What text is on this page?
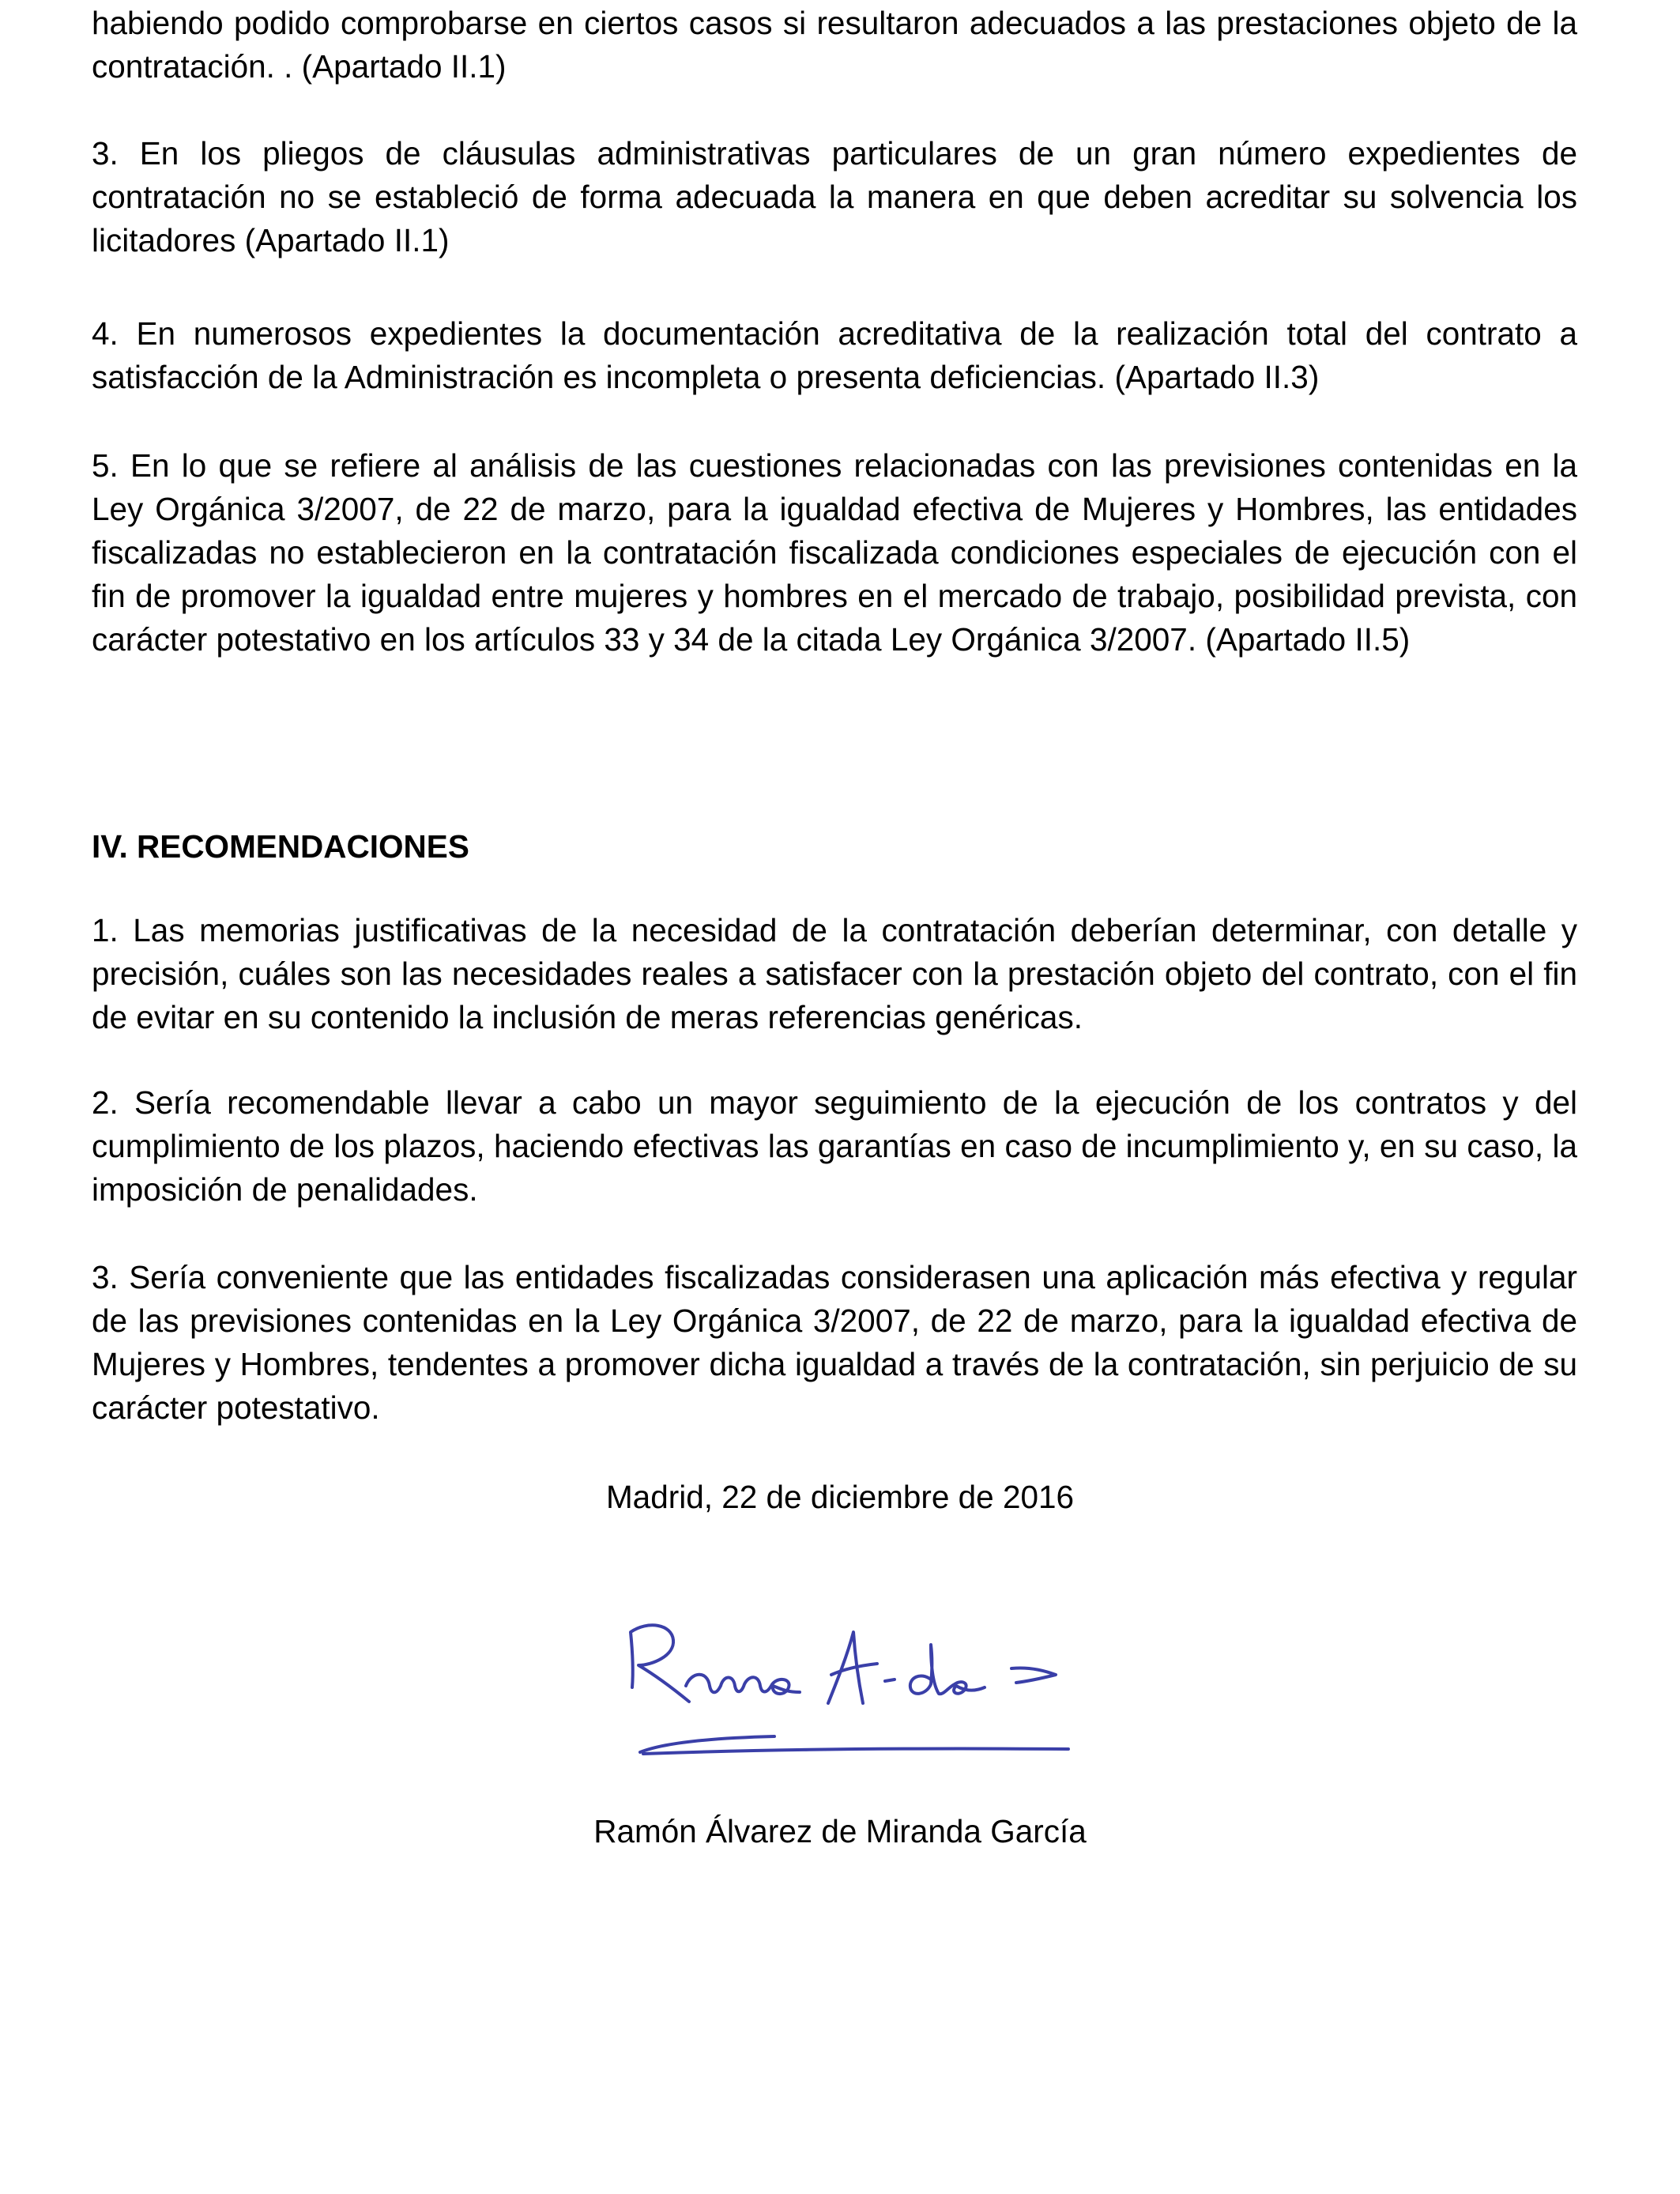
habiendo podido comprobarse en ciertos casos si resultaron adecuados a las prestaciones objeto de la contratación. . (Apartado II.1)

3. En los pliegos de cláusulas administrativas particulares de un gran número expedientes de contratación no se estableció de forma adecuada la manera en que deben acreditar su solvencia los licitadores (Apartado II.1)

4. En numerosos expedientes la documentación acreditativa de la realización total del contrato a satisfacción de la Administración es incompleta o presenta deficiencias. (Apartado II.3)

5. En lo que se refiere al análisis de las cuestiones relacionadas con las previsiones contenidas en la Ley Orgánica 3/2007, de 22 de marzo, para la igualdad efectiva de Mujeres y Hombres, las entidades fiscalizadas no establecieron en la contratación fiscalizada condiciones especiales de ejecución con el fin de promover la igualdad entre mujeres y hombres en el mercado de trabajo, posibilidad prevista, con carácter potestativo en los artículos 33 y 34 de la citada Ley Orgánica 3/2007. (Apartado II.5)

IV. RECOMENDACIONES

1. Las memorias justificativas de la necesidad de la contratación deberían determinar, con detalle y precisión, cuáles son las necesidades reales a satisfacer con la prestación objeto del contrato, con el fin de evitar en su contenido la inclusión de meras referencias genéricas.

2. Sería recomendable llevar a cabo un mayor seguimiento de la ejecución de los contratos y del cumplimiento de los plazos, haciendo efectivas las garantías en caso de incumplimiento y, en su caso, la imposición de penalidades.

3. Sería conveniente que las entidades fiscalizadas considerasen una aplicación más efectiva y regular de las previsiones contenidas en la Ley Orgánica 3/2007, de 22 de marzo, para la igualdad efectiva de Mujeres y Hombres, tendentes a promover dicha igualdad a través de la contratación, sin perjuicio de su carácter potestativo.

Madrid, 22 de diciembre de 2016

Ramón Álvarez de Miranda García
